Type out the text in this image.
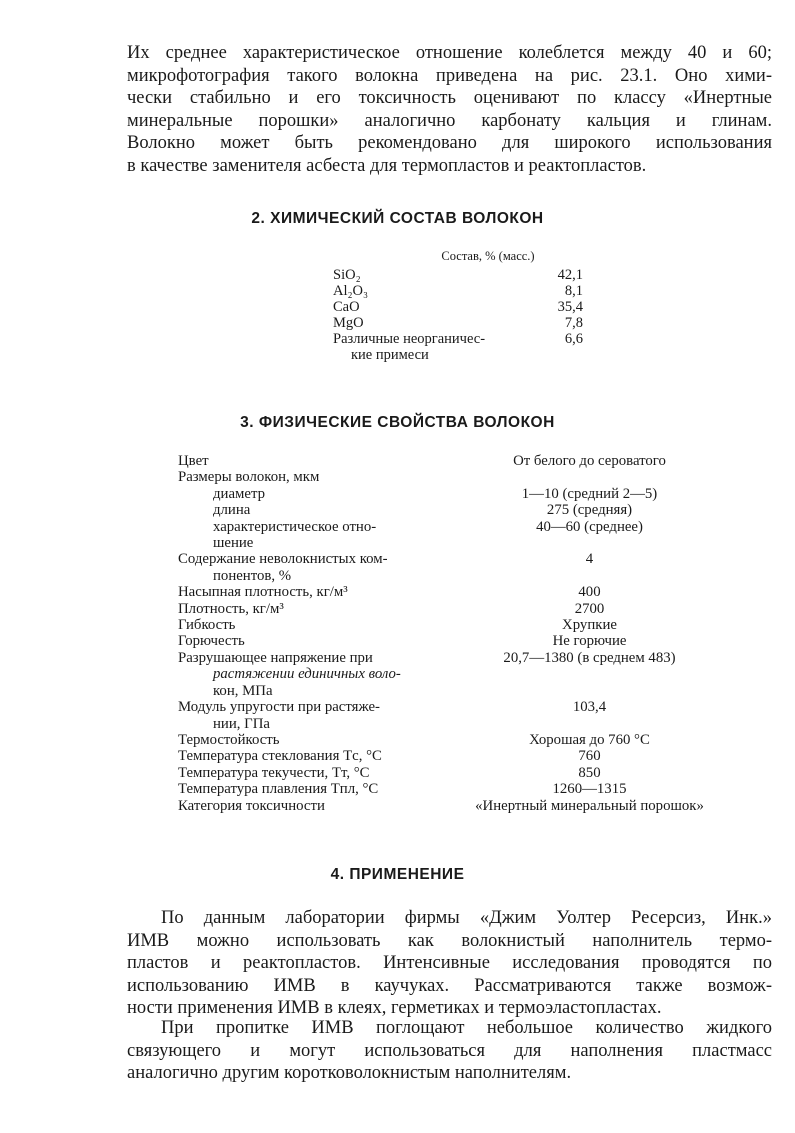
Их среднее характеристическое отношение колеблется между 40 и 60;
микрофотография такого волокна приведена на рис. 23.1. Оно хими-
чески стабильно и его токсичность оценивают по классу «Инертные
минеральные порошки» аналогично карбонату кальция и глинам.
Волокно может быть рекомендовано для широкого использования
в качестве заменителя асбеста для термопластов и реактопластов.
2. ХИМИЧЕСКИЙ СОСТАВ ВОЛОКОН
Состав, % (масс.)
SiO₂	42,1
Al₂O₃	8,1
CaO	35,4
MgO	7,8
Различные неорганичес-	6,6
кие примеси
3. ФИЗИЧЕСКИЕ СВОЙСТВА ВОЛОКОН
Цвет	От белого до сероватого
Размеры волокон, мкм
диаметр	1—10 (средний 2—5)
длина	275 (средняя)
характеристическое отно-	40—60 (среднее)
шение
Содержание неволокнистых ком-	4
понентов, %
Насыпная плотность, кг/м³	400
Плотность, кг/м³	2700
Гибкость	Хрупкие
Горючесть	Не горючие
Разрушающее напряжение при	20,7—1380 (в среднем 483)
растяжении единичных воло-
кон, МПа
Модуль упругости при растяже-	103,4
нии, ГПа
Термостойкость	Хорошая до 760 °С
Температура стеклования Tс, °С	760
Температура текучести, Tт, °С	850
Температура плавления Tпл, °С	1260—1315
Категория токсичности	«Инертный минеральный порошок»
4. ПРИМЕНЕНИЕ
По данным лаборатории фирмы «Джим Уолтер Ресерсиз, Инк.»
ИМВ можно использовать как волокнистый наполнитель термо-
пластов и реактопластов. Интенсивные исследования проводятся по
использованию ИМВ в каучуках. Рассматриваются также возмож-
ности применения ИМВ в клеях, герметиках и термоэластопластах.
При пропитке ИМВ поглощают небольшое количество жидкого
связующего и могут использоваться для наполнения пластмасс
аналогично другим коротковолокнистым наполнителям.
